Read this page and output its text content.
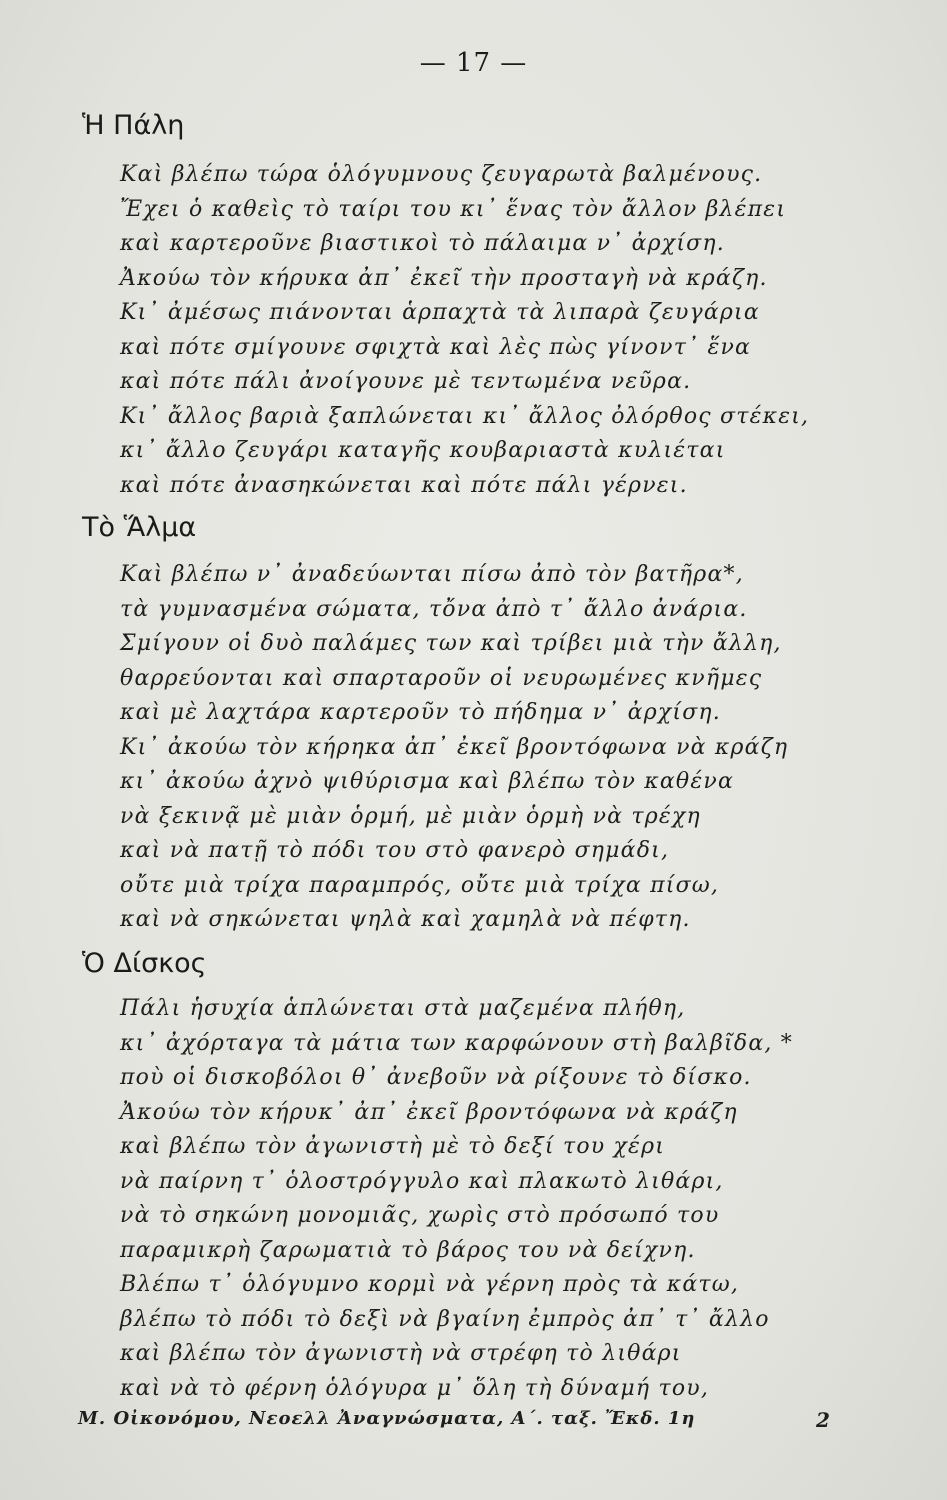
— 17 —
Ἡ Πάλη
Καὶ βλέπω τώρα ὁλόγυμνους ζευγαρωτὰ βαλμένους.
Ἔχει ὁ καθεὶς τὸ ταίρι του κι᾿ ἕνας τὸν ἄλλον βλέπει
καὶ καρτεροῦνε βιαστικοὶ τὸ πάλαιμα ν᾿ ἀρχίση.
Ἀκούω τὸν κήρυκα ἀπ᾿ ἐκεῖ τὴν προσταγὴ νὰ κράζη.
Κι᾿ ἀμέσως πιάνονται ἁρπαχτὰ τὰ λιπαρὰ ζευγάρια
καὶ πότε σμίγουνε σφιχτὰ καὶ λὲς πὼς γίνοντ᾿ ἕνα
καὶ πότε πάλι ἀνοίγουνε μὲ τεντωμένα νεῦρα.
Κι᾿ ἄλλος βαριὰ ξαπλώνεται κι᾿ ἄλλος ὀλόρθος στέκει,
κι᾿ ἄλλο ζευγάρι καταγῆς κουβαριαστὰ κυλιέται
καὶ πότε ἀνασηκώνεται καὶ πότε πάλι γέρνει.
Τὸ Ἅλμα
Καὶ βλέπω ν᾿ ἀναδεύωνται πίσω ἀπὸ τὸν βατῆρα*,
τὰ γυμνασμένα σώματα, τὄνα ἀπὸ τ᾿ ἄλλο ἀνάρια.
Σμίγουν οἱ δυὸ παλάμες των καὶ τρίβει μιὰ τὴν ἄλλη,
θαρρεύονται καὶ σπαρταροῦν οἱ νευρωμένες κνῆμες
καὶ μὲ λαχτάρα καρτεροῦν τὸ πήδημα ν᾿ ἀρχίση.
Κι᾿ ἀκούω τὸν κήρηκα ἀπ᾿ ἐκεῖ βροντόφωνα νὰ κράζη
κι᾿ ἀκούω ἀχνὸ ψιθύρισμα καὶ βλέπω τὸν καθένα
νὰ ξεκινᾷ μὲ μιὰν ὁρμή, μὲ μιὰν ὁρμὴ νὰ τρέχη
καὶ νὰ πατῇ τὸ πόδι του στὸ φανερὸ σημάδι,
οὔτε μιὰ τρίχα παραμπρός, οὔτε μιὰ τρίχα πίσω,
καὶ νὰ σηκώνεται ψηλὰ καὶ χαμηλὰ νὰ πέφτη.
Ὁ Δίσκος
Πάλι ἡσυχία ἁπλώνεται στὰ μαζεμένα πλήθη,
κι᾿ ἀχόρταγα τὰ μάτια των καρφώνουν στὴ βαλβῖδα, *
ποὺ οἱ δισκοβόλοι θ᾿ ἀνεβοῦν νὰ ρίξουνε τὸ δίσκο.
Ἀκούω τὸν κήρυκ᾿ ἀπ᾿ ἐκεῖ βροντόφωνα νὰ κράζη
καὶ βλέπω τὸν ἀγωνιστὴ μὲ τὸ δεξί του χέρι
νὰ παίρνη τ᾿ ὁλοστρόγγυλο καὶ πλακωτὸ λιθάρι,
νὰ τὸ σηκώνη μονομιᾶς, χωρὶς στὸ πρόσωπό του
παραμικρὴ ζαρωματιὰ τὸ βάρος του νὰ δείχνη.
Βλέπω τ᾿ ὁλόγυμνο κορμὶ νὰ γέρνη πρὸς τὰ κάτω,
βλέπω τὸ πόδι τὸ δεξὶ νὰ βγαίνη ἐμπρὸς ἀπ᾿ τ᾿ ἄλλο
καὶ βλέπω τὸν ἀγωνιστὴ νὰ στρέφη τὸ λιθάρι
καὶ νὰ τὸ φέρνη ὁλόγυρα μ᾿ ὅλη τὴ δύναμή του,
Μ. Οἰκονόμου, Νεοελλ Ἀναγνώσματα, Α΄. ταξ. Ἔκδ. 1η	2
